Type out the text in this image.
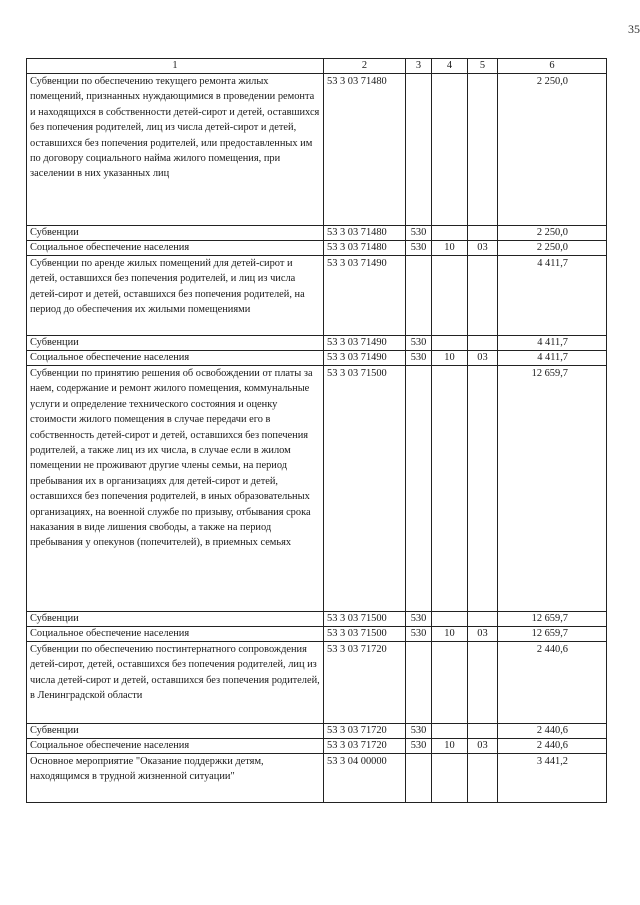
35
1	2	3	4	5	6
Субвенции по обеспечению текущего ремонта жилых помещений, признанных нуждающимися в проведении ремонта и находящихся в собственности детей-сирот и детей, оставшихся без попечения родителей, лиц из числа детей-сирот и детей, оставшихся без попечения родителей, или предоставленных им по договору социального найма жилого помещения, при заселении в них указанных лиц	53 3 03 71480				2 250,0
Субвенции	53 3 03 71480	530			2 250,0
Социальное обеспечение населения	53 3 03 71480	530	10	03	2 250,0
Субвенции по аренде жилых помещений для детей-сирот и детей, оставшихся без попечения родителей, и лиц из числа детей-сирот и детей, оставшихся без попечения родителей, на период до обеспечения их жилыми помещениями	53 3 03 71490				4 411,7
Субвенции	53 3 03 71490	530			4 411,7
Социальное обеспечение населения	53 3 03 71490	530	10	03	4 411,7
Субвенции по принятию решения об освобождении от платы за наем, содержание и ремонт жилого помещения, коммунальные услуги и определение технического состояния и оценку стоимости жилого помещения в случае передачи его в собственность детей-сирот и детей, оставшихся без попечения родителей, а также лиц из их числа, в случае если в жилом помещении не проживают другие члены семьи, на период пребывания их в организациях для детей-сирот и детей, оставшихся без попечения родителей, в иных образовательных организациях, на военной службе по призыву, отбывания срока наказания в виде лишения свободы, а также на период пребывания у опекунов (попечителей), в приемных семьях	53 3 03 71500				12 659,7
Субвенции	53 3 03 71500	530			12 659,7
Социальное обеспечение населения	53 3 03 71500	530	10	03	12 659,7
Субвенции по обеспечению постинтернатного сопровождения детей-сирот, детей, оставшихся без попечения родителей, лиц из числа детей-сирот и детей, оставшихся без попечения родителей, в Ленинградской области	53 3 03 71720				2 440,6
Субвенции	53 3 03 71720	530			2 440,6
Социальное обеспечение населения	53 3 03 71720	530	10	03	2 440,6
Основное мероприятие "Оказание поддержки детям, находящимся в трудной жизненной ситуации"	53 3 04 00000				3 441,2
